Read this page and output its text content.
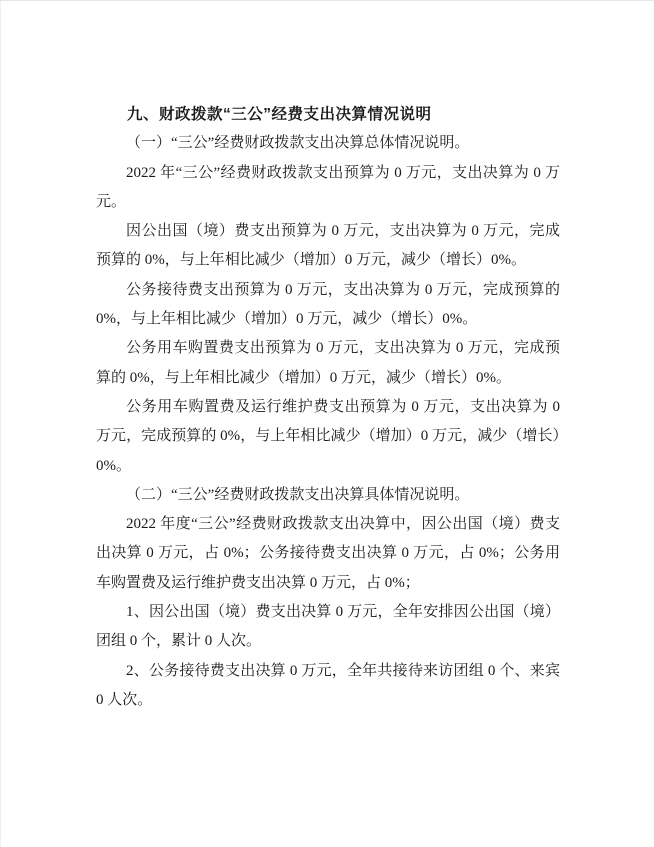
九、财政拨款“三公”经费支出决算情况说明

（一）“三公”经费财政拨款支出决算总体情况说明。

2022 年“三公”经费财政拨款支出预算为 0 万元，支出决算为 0 万元。

因公出国（境）费支出预算为 0 万元，支出决算为 0 万元，完成预算的 0%，与上年相比减少（增加）0 万元，减少（增长）0%。

公务接待费支出预算为 0 万元，支出决算为 0 万元，完成预算的 0%，与上年相比减少（增加）0 万元，减少（增长）0%。

公务用车购置费支出预算为 0 万元，支出决算为 0 万元，完成预算的 0%，与上年相比减少（增加）0 万元，减少（增长）0%。

公务用车购置费及运行维护费支出预算为 0 万元，支出决算为 0 万元，完成预算的 0%，与上年相比减少（增加）0 万元，减少（增长）0%。

（二）“三公”经费财政拨款支出决算具体情况说明。

2022 年度“三公”经费财政拨款支出决算中，因公出国（境）费支出决算 0 万元，占 0%；公务接待费支出决算 0 万元，占 0%；公务用车购置费及运行维护费支出决算 0 万元，占 0%；

1、因公出国（境）费支出决算 0 万元，全年安排因公出国（境）团组 0 个，累计 0 人次。

2、公务接待费支出决算 0 万元，全年共接待来访团组 0 个、来宾 0 人次。
